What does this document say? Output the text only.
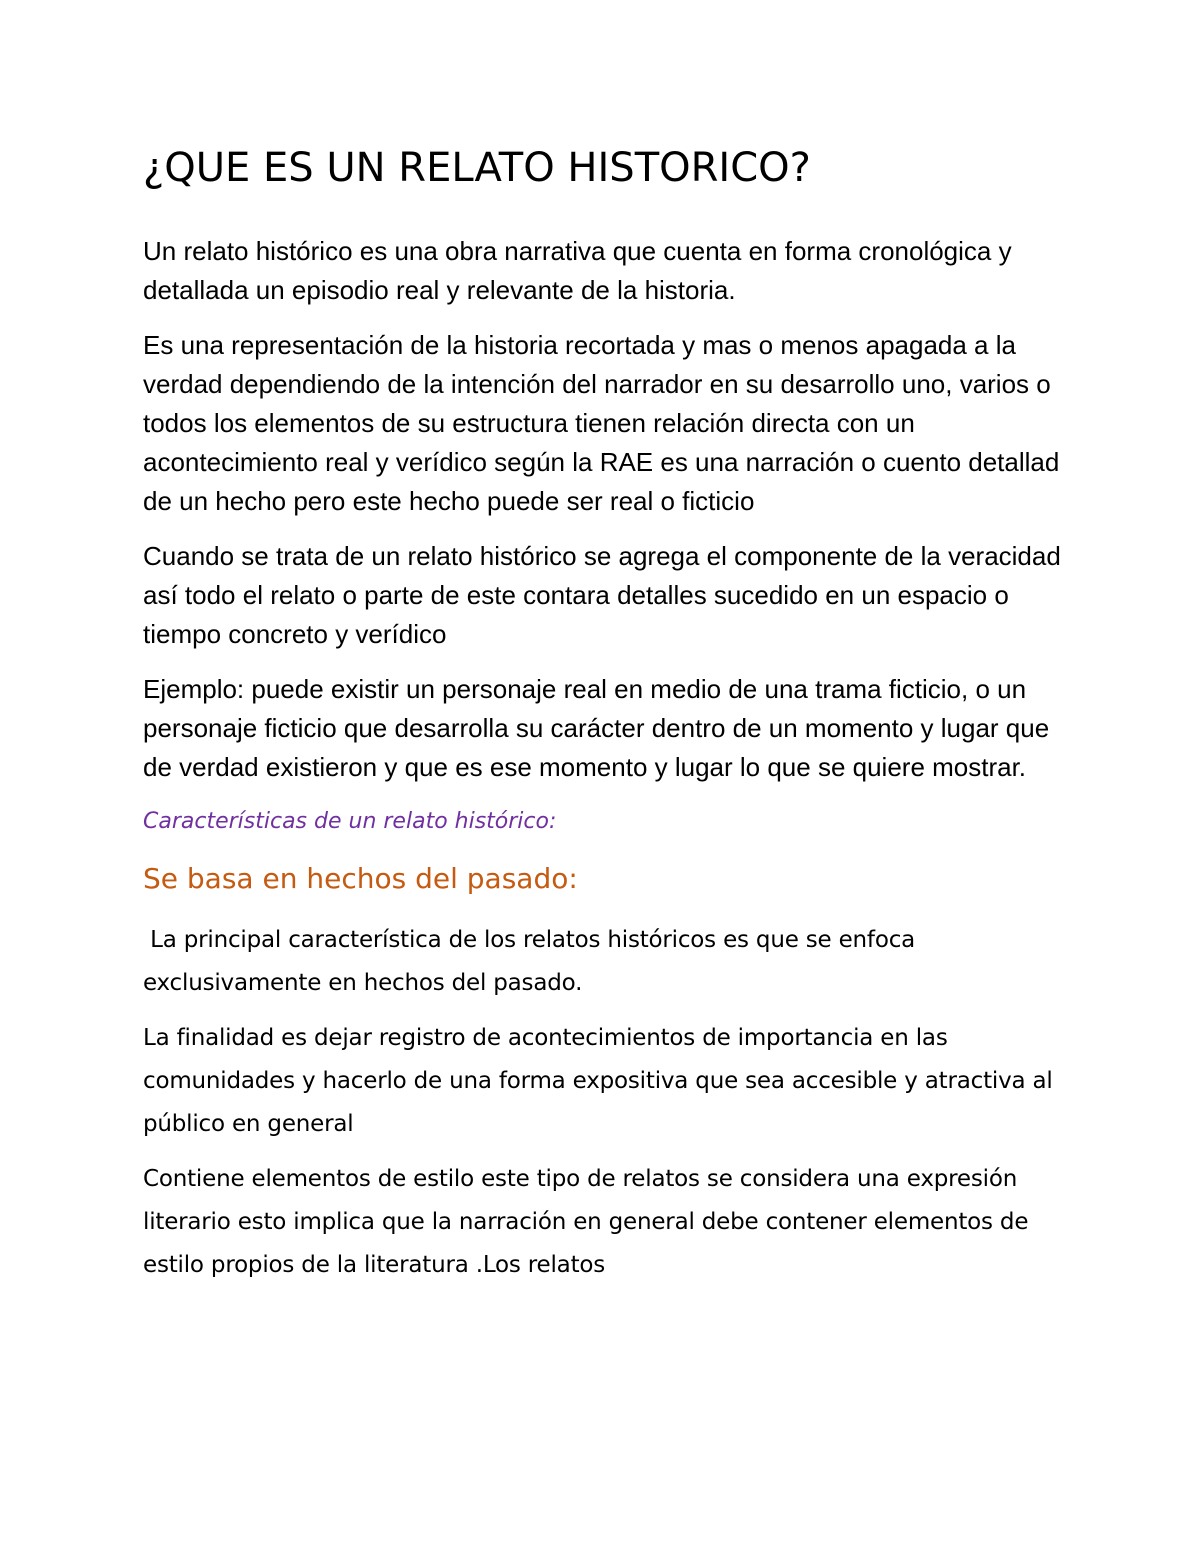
¿QUE ES UN RELATO HISTORICO?

Un relato histórico es una obra narrativa que cuenta en forma cronológica y detallada un episodio real y relevante de la historia.

Es una representación de la historia recortada y mas o menos apagada a la verdad dependiendo de la intención del narrador en su desarrollo uno, varios o todos los elementos de su estructura tienen relación directa con un acontecimiento real y verídico según la RAE es una narración o cuento detallad de un hecho pero este hecho puede ser real o ficticio

Cuando se trata de un relato histórico se agrega el componente de la veracidad así todo el relato o parte de este contara detalles sucedido en un espacio o tiempo concreto y verídico

Ejemplo: puede existir un personaje real en medio de una trama ficticio, o un personaje ficticio que desarrolla su carácter dentro de un momento y lugar que de verdad existieron y que es ese momento y lugar lo que se quiere mostrar.

Características de un relato histórico:

Se basa en hechos del pasado:

La principal característica de los relatos históricos es que se enfoca exclusivamente en hechos del pasado.

La finalidad es dejar registro de acontecimientos de importancia en las comunidades y hacerlo de una forma expositiva que sea accesible y atractiva al público en general

Contiene elementos de estilo este tipo de relatos se considera una expresión literario esto implica que la narración en general debe contener elementos de estilo propios de la literatura .Los relatos
